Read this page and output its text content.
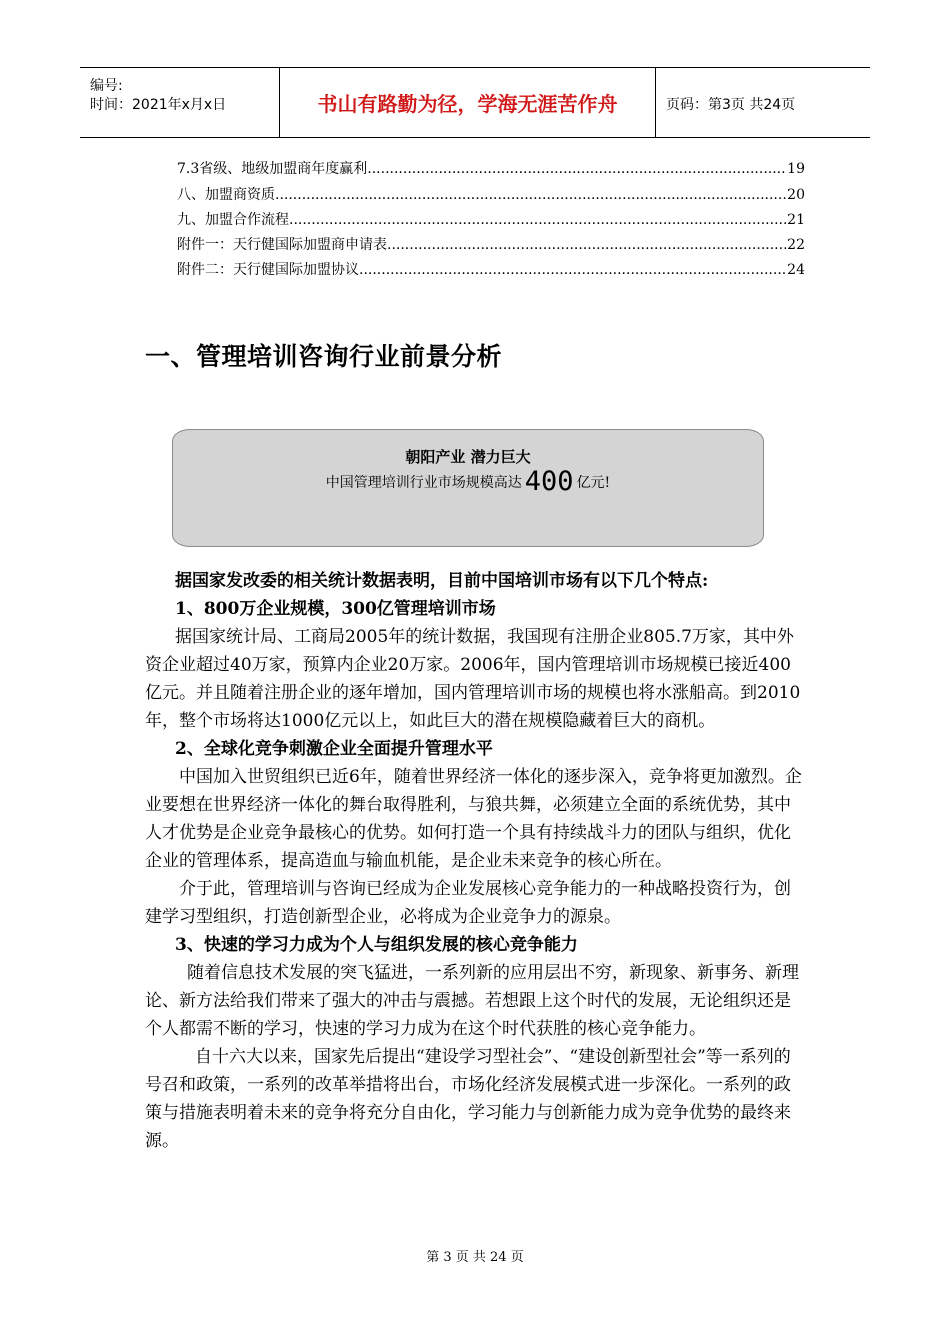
编号:
时间：2021年x月x日	书山有路勤为径，学海无涯苦作舟	页码：第3页 共24页
7.3省级、地级加盟商年度赢利 .....	19
八、加盟商资质 .....	20
九、加盟合作流程 .....	21
附件一：天行健国际加盟商申请表 .....	22
附件二：天行健国际加盟协议 .....	24
一、管理培训咨询行业前景分析
朝阳产业 潜力巨大
中国管理培训行业市场规模高达 400 亿元!

据国家发改委的相关统计数据表明，目前中国培训市场有以下几个特点:

1、800万企业规模，300亿管理培训市场

据国家统计局、工商局2005年的统计数据，我国现有注册企业805.7万家，其中外资企业超过40万家，预算内企业20万家。2006年，国内管理培训市场规模已接近400亿元。并且随着注册企业的逐年增加，国内管理培训市场的规模也将水涨船高。到2010年，整个市场将达1000亿元以上，如此巨大的潜在规模隐藏着巨大的商机。

2、全球化竞争刺激企业全面提升管理水平

中国加入世贸组织已近6年，随着世界经济一体化的逐步深入，竞争将更加激烈。企业要想在世界经济一体化的舞台取得胜利，与狼共舞，必须建立全面的系统优势，其中人才优势是企业竞争最核心的优势。如何打造一个具有持续战斗力的团队与组织，优化企业的管理体系，提高造血与输血机能，是企业未来竞争的核心所在。

介于此，管理培训与咨询已经成为企业发展核心竞争能力的一种战略投资行为，创建学习型组织，打造创新型企业，必将成为企业竞争力的源泉。

3、快速的学习力成为个人与组织发展的核心竞争能力

随着信息技术发展的突飞猛进，一系列新的应用层出不穷，新现象、新事务、新理论、新方法给我们带来了强大的冲击与震撼。若想跟上这个时代的发展，无论组织还是个人都需不断的学习，快速的学习力成为在这个时代获胜的核心竞争能力。

自十六大以来，国家先后提出“建设学习型社会”、“建设创新型社会”等一系列的号召和政策，一系列的改革举措将出台，市场化经济发展模式进一步深化。一系列的政策与措施表明着未来的竞争将充分自由化，学习能力与创新能力成为竞争优势的最终来源。

第 3 页 共 24 页
